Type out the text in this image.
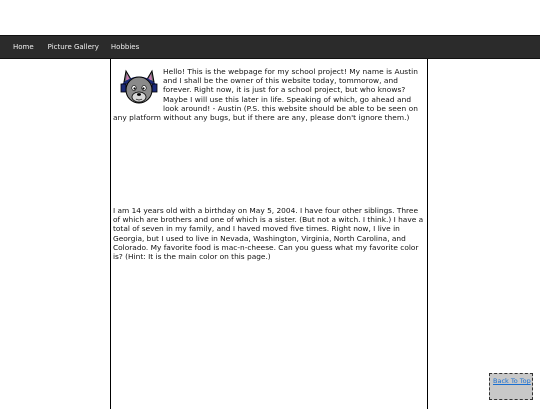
Home Picture Gallery Hobbies

Hello! This is the webpage for my school project! My name is Austin and I shall be the owner of this website today, tommorow, and forever. Right now, it is just for a school project, but who knows? Maybe I will use this later in life. Speaking of which, go ahead and look around! - Austin (P.S. this website should be able to be seen on any platform without any bugs, but if there are any, please don't ignore them.)

I am 14 years old with a birthday on May 5, 2004. I have four other siblings. Three of which are brothers and one of which is a sister. (But not a witch. I think.) I have a total of seven in my family, and I haved moved five times. Right now, I live in Georgia, but I used to live in Nevada, Washington, Virginia, North Carolina, and Colorado. My favorite food is mac-n-cheese. Can you guess what my favorite color is? (Hint: It is the main color on this page.)

Back To Top
